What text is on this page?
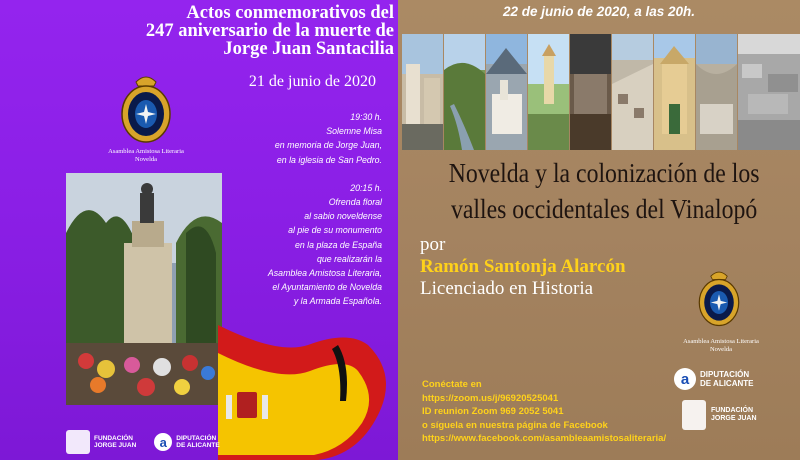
Actos conmemorativos del
247 aniversario de la muerte de
Jorge Juan Santacilia
21 de junio de 2020
Asamblea Amistosa Literaria
Novelda
19:30 h.
Solemne Misa
en memoria de Jorge Juan,
en la iglesia de San Pedro.
20:15 h.
Ofrenda floral
al sabio noveldense
al pie de su monumento
en la plaza de España
que realizarán la
Asamblea Amistosa Literaria,
el Ayuntamiento de Novelda
y la Armada Española.
FUNDACIÓN
JORGE JUAN	a	DIPUTACIÓN
DE ALICANTE
22 de junio de 2020, a las 20h.
Novelda y la colonización de los
valles occidentales del Vinalopó
por
Ramón Santonja Alarcón
Licenciado en Historia
Asamblea Amistosa Literaria
Novelda
Conéctate en
https://zoom.us/j/96920525041
ID reunion Zoom 969 2052 5041
o síguela en nuestra página de Facebook
https://www.facebook.com/asambleaamistosaliteraria/
a	DIPUTACIÓN
DE ALICANTE
FUNDACIÓN
JORGE JUAN
